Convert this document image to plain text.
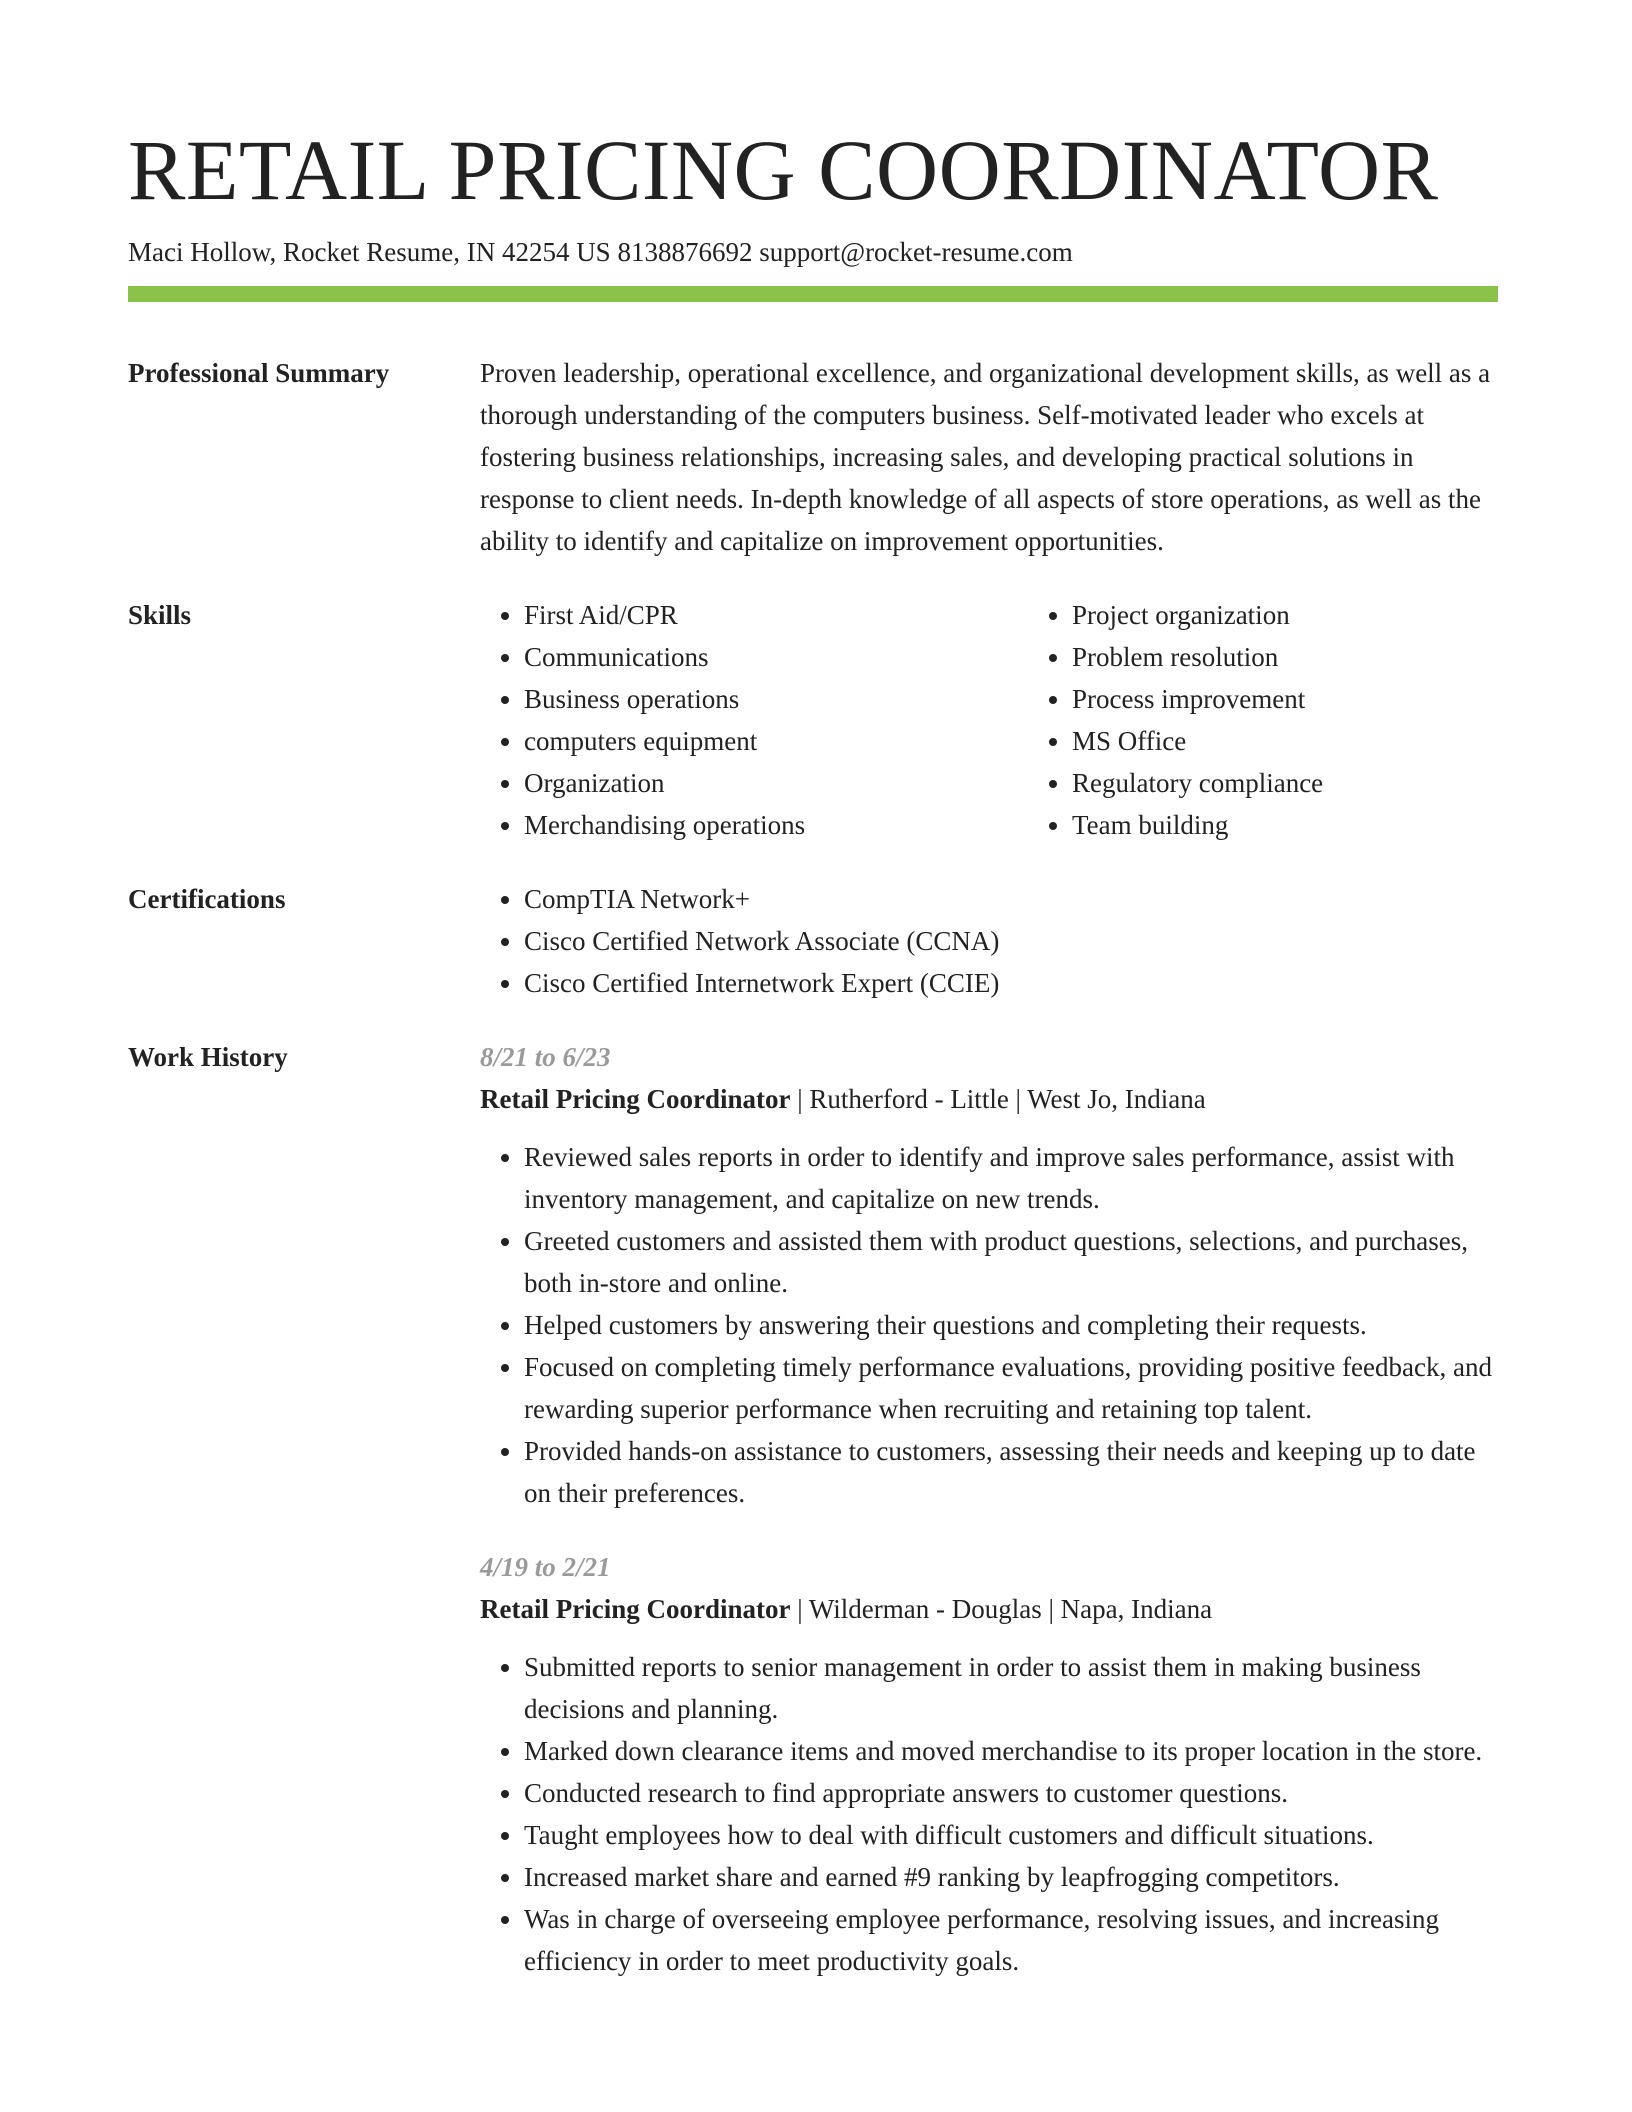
RETAIL PRICING COORDINATOR
Maci Hollow, Rocket Resume, IN 42254 US 8138876692 support@rocket-resume.com
Professional Summary	Proven leadership, operational excellence, and organizational development skills, as well as a thorough understanding of the computers business. Self-motivated leader who excels at fostering business relationships, increasing sales, and developing practical solutions in response to client needs. In-depth knowledge of all aspects of store operations, as well as the ability to identify and capitalize on improvement opportunities.

Skills	• First Aid/CPR
• Communications
• Business operations
• computers equipment
• Organization
• Merchandising operations
• Project organization
• Problem resolution
• Process improvement
• MS Office
• Regulatory compliance
• Team building
Certifications	• CompTIA Network+
• Cisco Certified Network Associate (CCNA)
• Cisco Certified Internetwork Expert (CCIE)
Work History	8/21 to 6/23
Retail Pricing Coordinator | Rutherford - Little | West Jo, Indiana
• Reviewed sales reports in order to identify and improve sales performance, assist with inventory management, and capitalize on new trends.
• Greeted customers and assisted them with product questions, selections, and purchases, both in-store and online.
• Helped customers by answering their questions and completing their requests.
• Focused on completing timely performance evaluations, providing positive feedback, and rewarding superior performance when recruiting and retaining top talent.
• Provided hands-on assistance to customers, assessing their needs and keeping up to date on their preferences.
4/19 to 2/21
Retail Pricing Coordinator | Wilderman - Douglas | Napa, Indiana
• Submitted reports to senior management in order to assist them in making business decisions and planning.
• Marked down clearance items and moved merchandise to its proper location in the store.
• Conducted research to find appropriate answers to customer questions.
• Taught employees how to deal with difficult customers and difficult situations.
• Increased market share and earned #9 ranking by leapfrogging competitors.
• Was in charge of overseeing employee performance, resolving issues, and increasing efficiency in order to meet productivity goals.
